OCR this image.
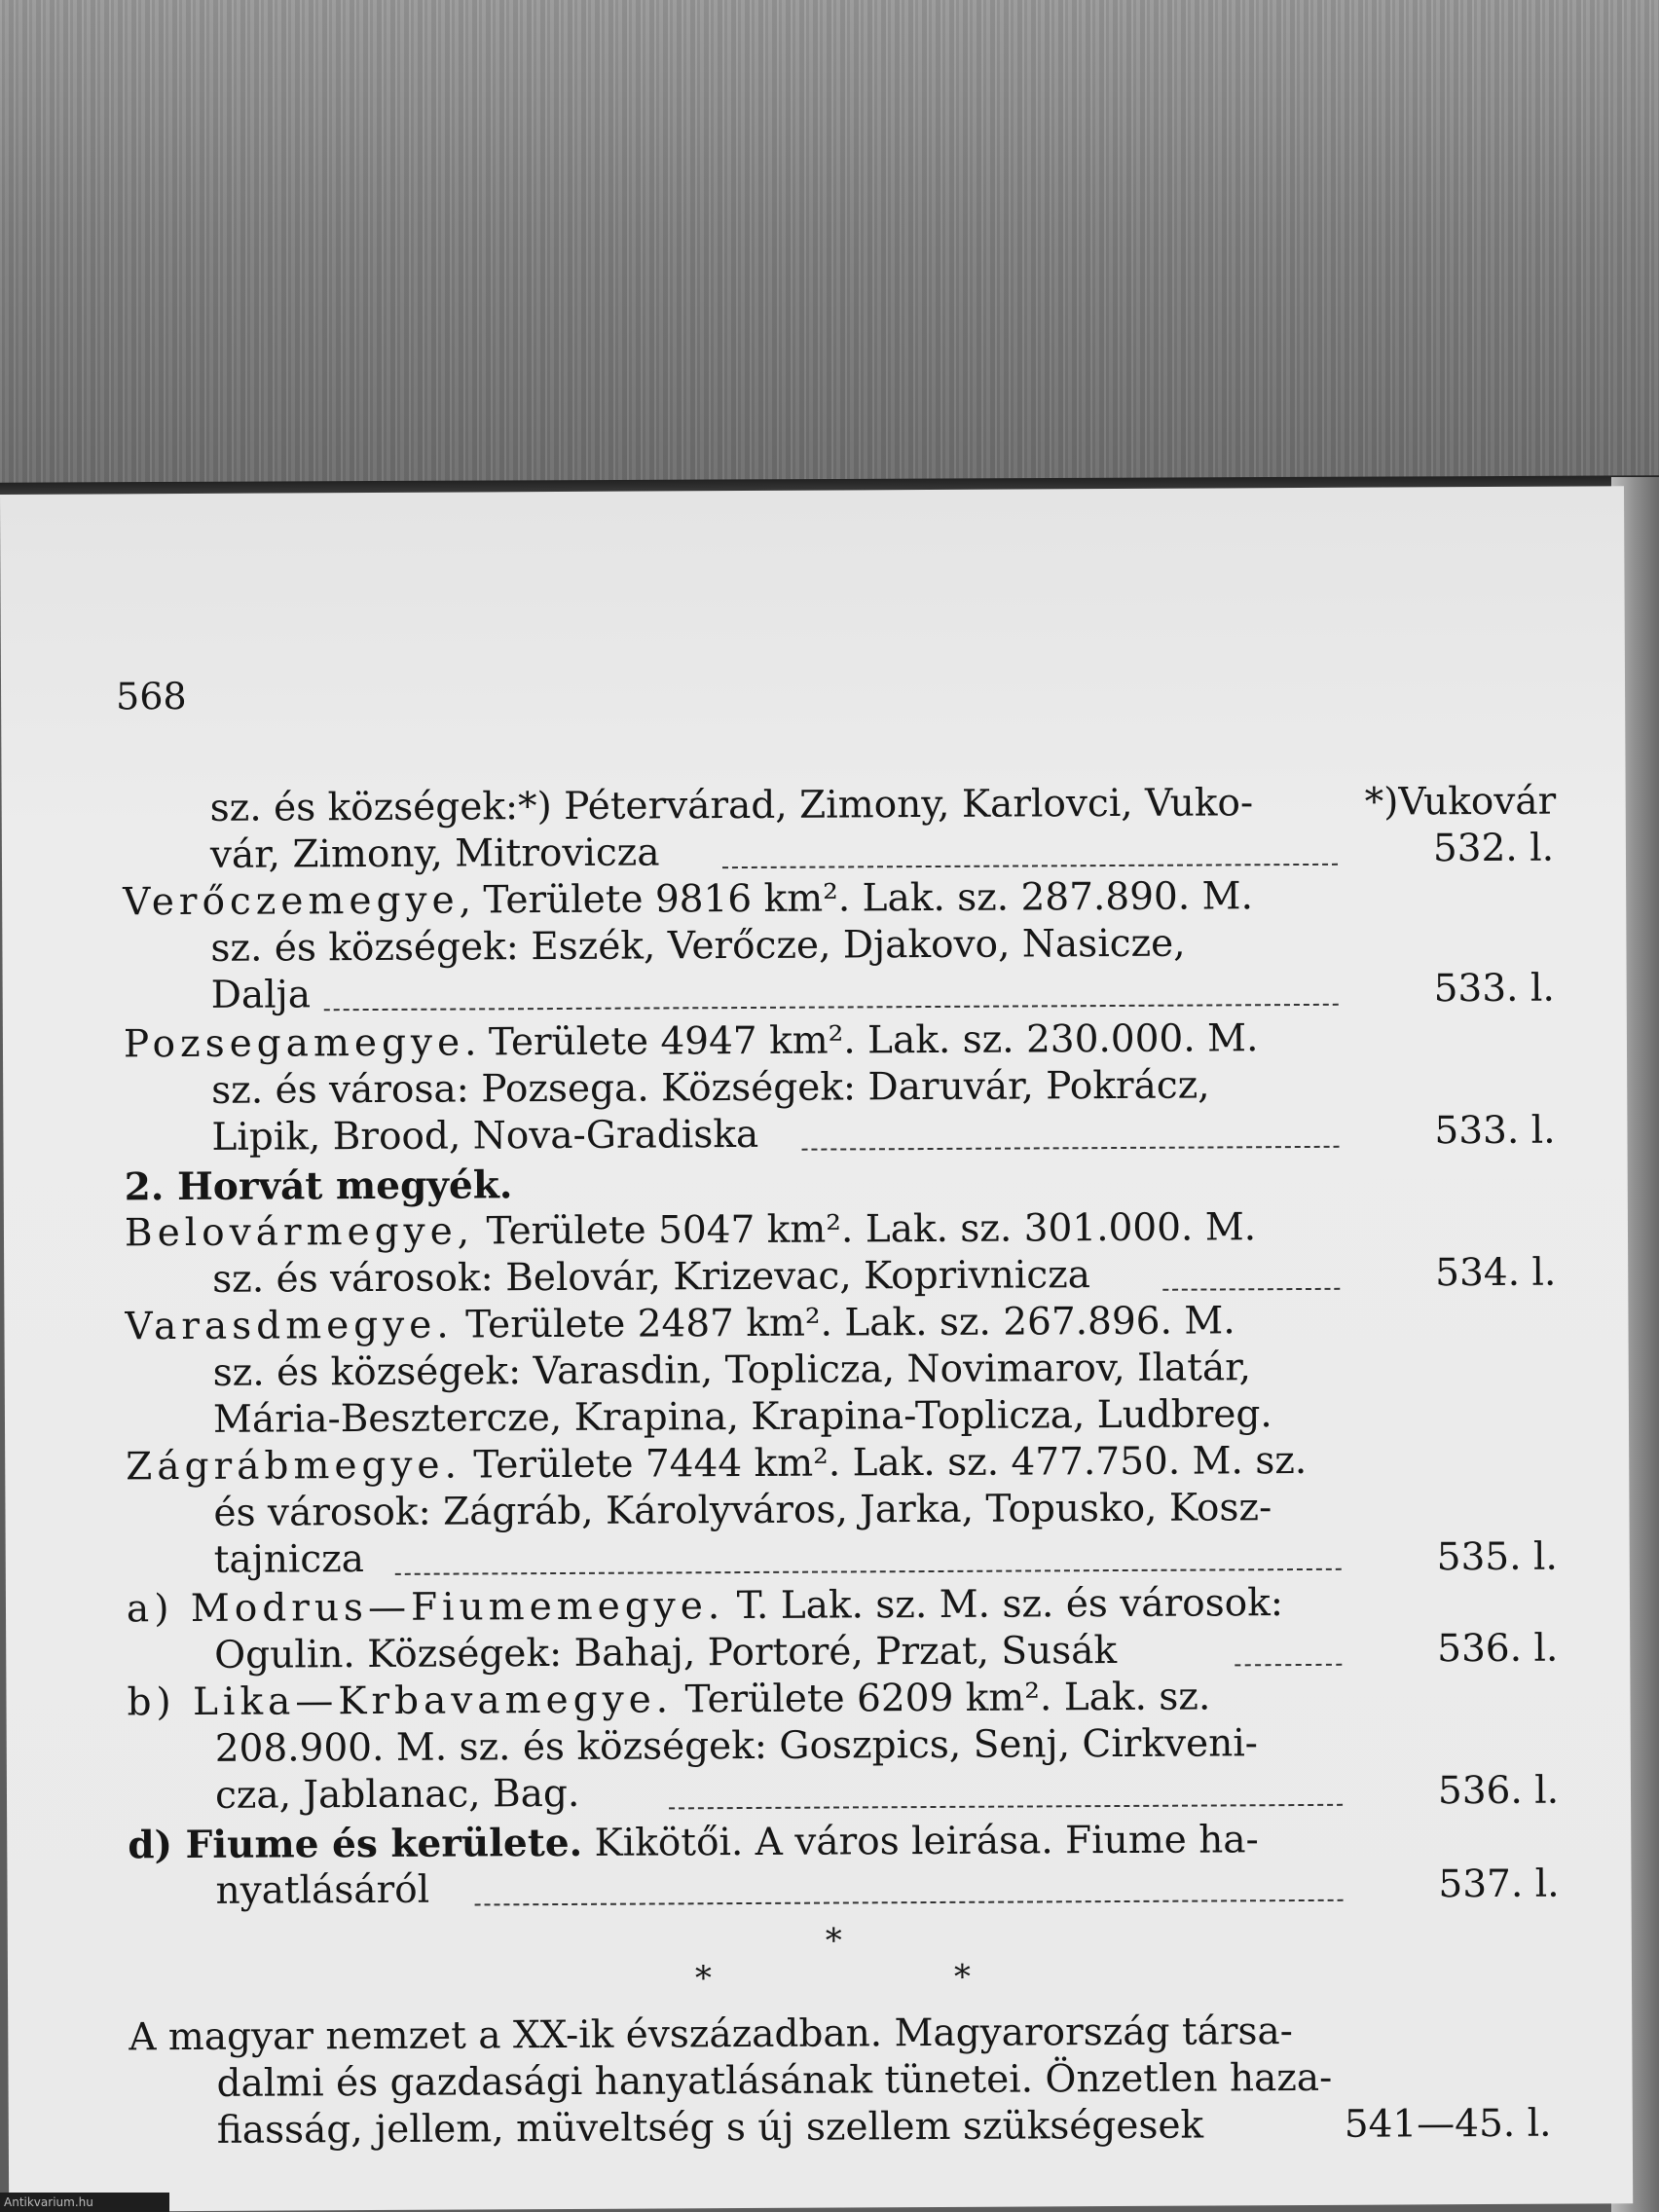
568
sz. és községek:*) Pétervárad, Zimony, Karlovci, Vuko-	*)Vukovár
vár, Zimony, Mitrovicza	532. l.
Verőczemegye, Területe 9816 km². Lak. sz. 287.890. M.
sz. és községek: Eszék, Verőcze, Djakovo, Nasicze,
Dalja	533. l.
Pozsegamegye. Területe 4947 km². Lak. sz. 230.000. M.
sz. és városa: Pozsega. Községek: Daruvár, Pokrácz,
Lipik, Brood, Nova-Gradiska	533. l.
2. Horvát megyék.
Belovármegye, Területe 5047 km². Lak. sz. 301.000. M.
sz. és városok: Belovár, Krizevac, Koprivnicza	534. l.
Varasdmegye. Területe 2487 km². Lak. sz. 267.896. M.
sz. és községek: Varasdin, Toplicza, Novimarov, Ilatár,
Mária-Besztercze, Krapina, Krapina-Toplicza, Ludbreg.
Zágrábmegye. Területe 7444 km². Lak. sz. 477.750. M. sz.
és városok: Zágráb, Károlyváros, Jarka, Topusko, Kosz-
tajnicza	535. l.
a) Modrus—Fiumemegye. T. Lak. sz. M. sz. és városok:
Ogulin. Községek: Bahaj, Portoré, Przat, Susák	536. l.
b) Lika—Krbavamegye. Területe 6209 km². Lak. sz.
208.900. M. sz. és községek: Goszpics, Senj, Cirkveni-
cza, Jablanac, Bag.	536. l.
d) Fiume és kerülete. Kikötői. A város leirása. Fiume ha-
nyatlásáról	537. l.
*
*	*
A magyar nemzet a XX-ik évszázadban. Magyarország társa-
dalmi és gazdasági hanyatlásának tünetei. Önzetlen haza-
fiasság, jellem, müveltség s új szellem szükségesek	541—45. l.
Antikvarium.hu
